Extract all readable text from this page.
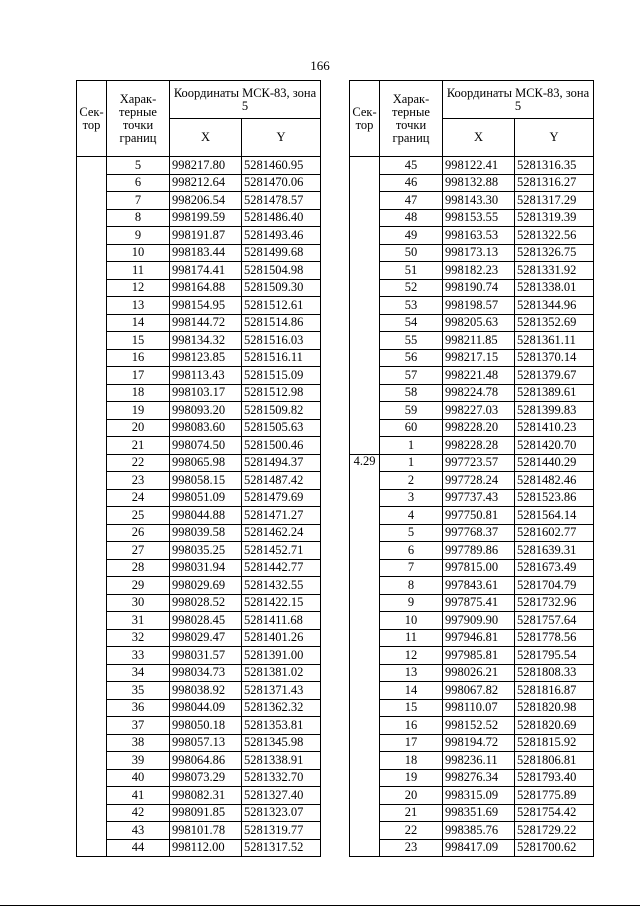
166
Сек-тор	Харак-терные точки границ	Координаты МСК-83, зона 5	
		X	Y
	5	998217.80	5281460.95
	6	998212.64	5281470.06
	7	998206.54	5281478.57
	8	998199.59	5281486.40
	9	998191.87	5281493.46
	10	998183.44	5281499.68
	11	998174.41	5281504.98
	12	998164.88	5281509.30
	13	998154.95	5281512.61
	14	998144.72	5281514.86
	15	998134.32	5281516.03
	16	998123.85	5281516.11
	17	998113.43	5281515.09
	18	998103.17	5281512.98
	19	998093.20	5281509.82
	20	998083.60	5281505.63
	21	998074.50	5281500.46
	22	998065.98	5281494.37
	23	998058.15	5281487.42
	24	998051.09	5281479.69
	25	998044.88	5281471.27
	26	998039.58	5281462.24
	27	998035.25	5281452.71
	28	998031.94	5281442.77
	29	998029.69	5281432.55
	30	998028.52	5281422.15
	31	998028.45	5281411.68
	32	998029.47	5281401.26
	33	998031.57	5281391.00
	34	998034.73	5281381.02
	35	998038.92	5281371.43
	36	998044.09	5281362.32
	37	998050.18	5281353.81
	38	998057.13	5281345.98
	39	998064.86	5281338.91
	40	998073.29	5281332.70
	41	998082.31	5281327.40
	42	998091.85	5281323.07
	43	998101.78	5281319.77
	44	998112.00	5281317.52
Сек-тор	Харак-терные точки границ	Координаты МСК-83, зона 5	
		X	Y
	45	998122.41	5281316.35
	46	998132.88	5281316.27
	47	998143.30	5281317.29
	48	998153.55	5281319.39
	49	998163.53	5281322.56
	50	998173.13	5281326.75
	51	998182.23	5281331.92
	52	998190.74	5281338.01
	53	998198.57	5281344.96
	54	998205.63	5281352.69
	55	998211.85	5281361.11
	56	998217.15	5281370.14
	57	998221.48	5281379.67
	58	998224.78	5281389.61
	59	998227.03	5281399.83
	60	998228.20	5281410.23
	1	998228.28	5281420.70
4.29	1	997723.57	5281440.29
	2	997728.24	5281482.46
	3	997737.43	5281523.86
	4	997750.81	5281564.14
	5	997768.37	5281602.77
	6	997789.86	5281639.31
	7	997815.00	5281673.49
	8	997843.61	5281704.79
	9	997875.41	5281732.96
	10	997909.90	5281757.64
	11	997946.81	5281778.56
	12	997985.81	5281795.54
	13	998026.21	5281808.33
	14	998067.82	5281816.87
	15	998110.07	5281820.98
	16	998152.52	5281820.69
	17	998194.72	5281815.92
	18	998236.11	5281806.81
	19	998276.34	5281793.40
	20	998315.09	5281775.89
	21	998351.69	5281754.42
	22	998385.76	5281729.22
	23	998417.09	5281700.62
